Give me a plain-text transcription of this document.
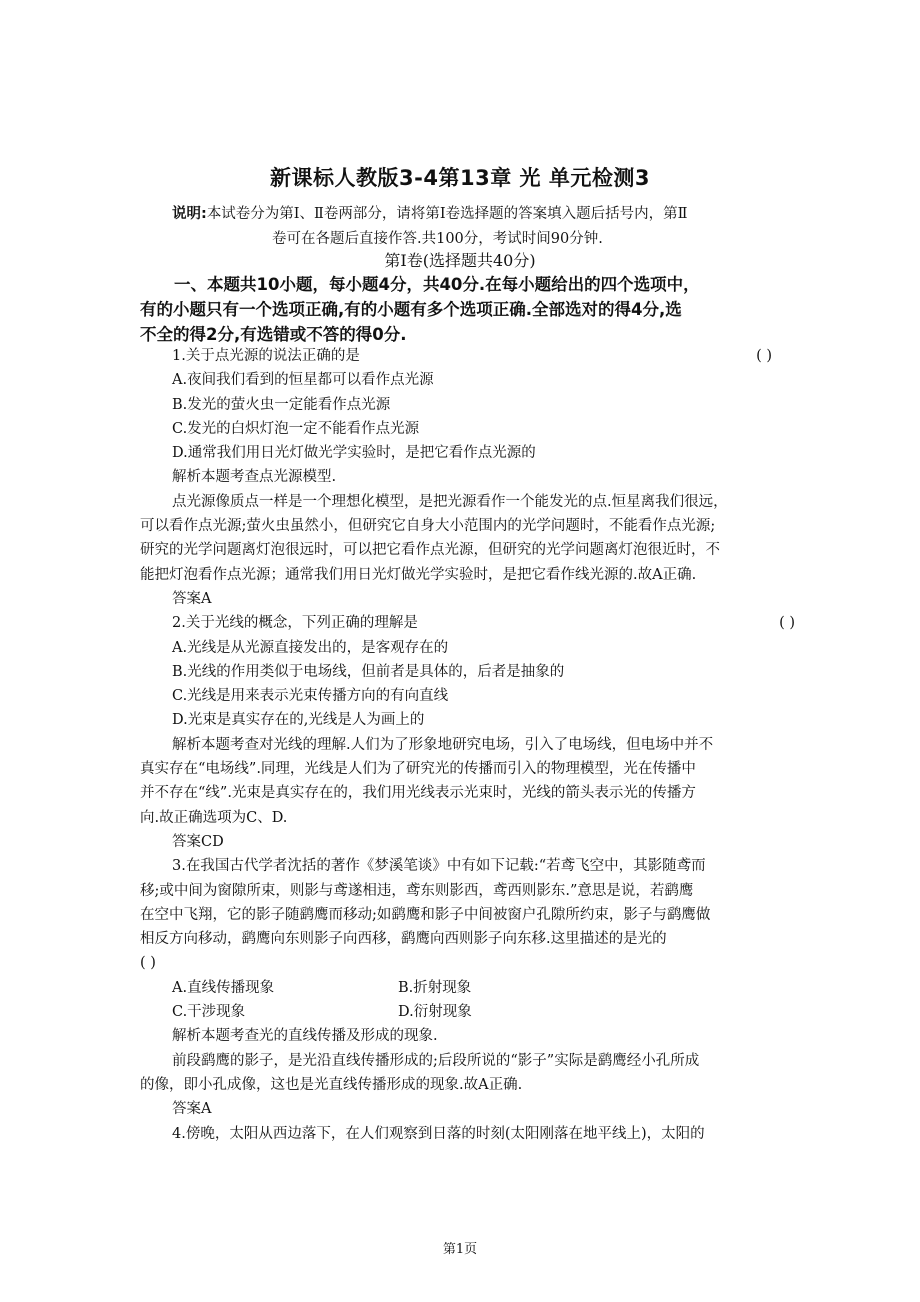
新课标人教版3-4第13章 光 单元检测3
说明:本试卷分为第Ⅰ、Ⅱ卷两部分，请将第Ⅰ卷选择题的答案填入题后括号内，第Ⅱ
卷可在各题后直接作答.共100分，考试时间90分钟.
第Ⅰ卷(选择题共40分)
一、本题共10小题，每小题4分，共40分.在每小题给出的四个选项中，
有的小题只有一个选项正确,有的小题有多个选项正确.全部选对的得4分,选
不全的得2分,有选错或不答的得0分.
1.关于点光源的说法正确的是	( )
A.夜间我们看到的恒星都可以看作点光源
B.发光的萤火虫一定能看作点光源
C.发光的白炽灯泡一定不能看作点光源
D.通常我们用日光灯做光学实验时，是把它看作点光源的
解析本题考查点光源模型.
点光源像质点一样是一个理想化模型，是把光源看作一个能发光的点.恒星离我们很远，
可以看作点光源;萤火虫虽然小，但研究它自身大小范围内的光学问题时，不能看作点光源;
研究的光学问题离灯泡很远时，可以把它看作点光源，但研究的光学问题离灯泡很近时，不
能把灯泡看作点光源；通常我们用日光灯做光学实验时，是把它看作线光源的.故A正确.
答案A
2.关于光线的概念，下列正确的理解是	( )
A.光线是从光源直接发出的，是客观存在的
B.光线的作用类似于电场线，但前者是具体的，后者是抽象的
C.光线是用来表示光束传播方向的有向直线
D.光束是真实存在的,光线是人为画上的
解析本题考查对光线的理解.人们为了形象地研究电场，引入了电场线，但电场中并不
真实存在“电场线”.同理，光线是人们为了研究光的传播而引入的物理模型，光在传播中
并不存在“线”.光束是真实存在的，我们用光线表示光束时，光线的箭头表示光的传播方
向.故正确选项为C、D.
答案CD
3.在我国古代学者沈括的著作《梦溪笔谈》中有如下记载:“若鸢飞空中，其影随鸢而
移;或中间为窗隙所束，则影与鸢遂相违，鸢东则影西，鸢西则影东.”意思是说，若鹞鹰
在空中飞翔，它的影子随鹞鹰而移动;如鹞鹰和影子中间被窗户孔隙所约束，影子与鹞鹰做
相反方向移动，鹞鹰向东则影子向西移，鹞鹰向西则影子向东移.这里描述的是光的
( )
A.直线传播现象	B.折射现象
C.干涉现象	D.衍射现象
解析本题考查光的直线传播及形成的现象.
前段鹞鹰的影子，是光沿直线传播形成的;后段所说的“影子”实际是鹞鹰经小孔所成
的像，即小孔成像，这也是光直线传播形成的现象.故A正确.
答案A
4.傍晚，太阳从西边落下，在人们观察到日落的时刻(太阳刚落在地平线上)，太阳的
第1页
